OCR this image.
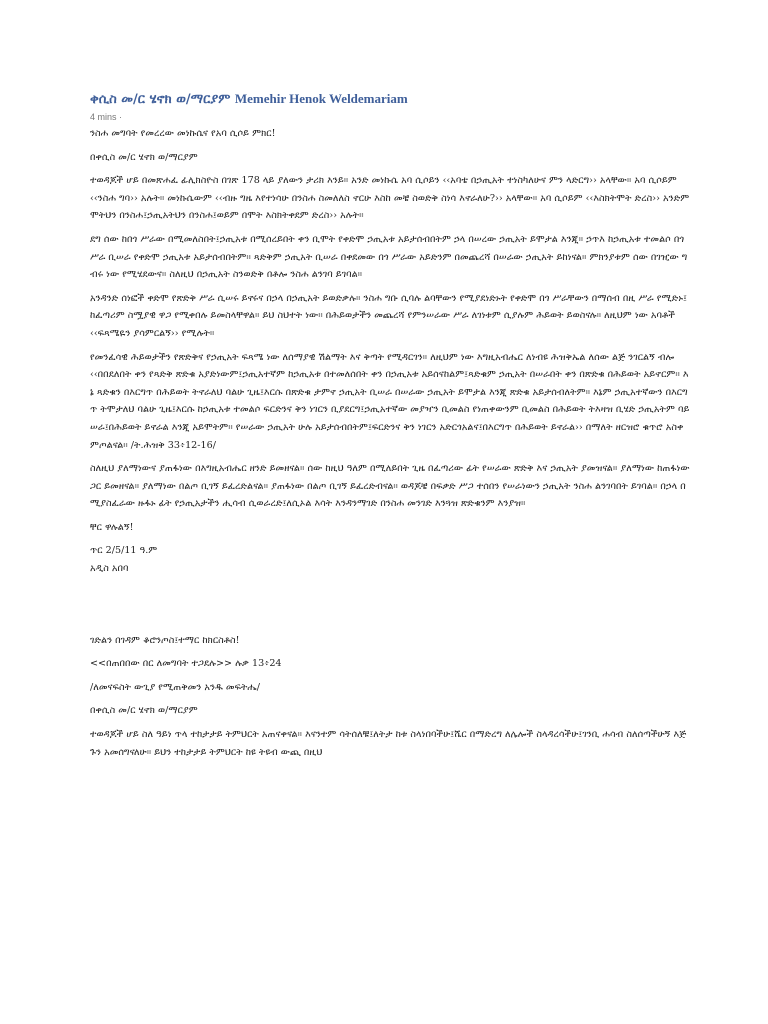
ቀሲስ መ/ር ሄኖክ ወ/ማርያም Memehir Henok Weldemariam
4 mins ·
ንስሐ መግባት የመረረው መነኩሴና የአባ ሲሶይ ምክር!
በቀሲስ መ/ር ሄኖክ ወ/ማርያም
ተወዳጆች ሆይ በመጽሐፈ ፊሊክስዮስ በገጽ 178 ላይ ያለውን ታሪክ እንይ። አንድ መነኩሴ አባ ሲሶይን ‹‹አባቴ በኃጢአት ተነስካለሁና ምን ላድርግ›› አላቸው። አባ ሲሶይም ‹‹ንስሐ ግባ›› አሉት። መነኩሴውም ‹‹ብዙ ግዜ እየተነሳሁ በንስሐ ስመለለስ ኖርሁ እስከ መቼ ስወድቅ ስነሳ እኖራለሁ?›› አላቸው። አባ ሲሶይም ‹‹እስክትሞት ድረስ›› አንድም ሞትህን በንስሐ፤ኃጢአትህን በንስሐ፤ወይም በሞት እስክትቀደም ድረስ›› አሉት።
ደግ ሰው ከበጎ ሥራው በሚመለስበት፤ኃጢአቱ በሚሰረይበት ቀን ቢሞት የቀድሞ ኃጢአቱ አይታሰብበትም ኃላ በሠረው ኃጢአት ይሞታል እንጂ። ኃጥእ ከኃጢአቱ ተመልሶ በጎ ሥራ ቢሠራ የቀድሞ ኃጢአቱ አይታሰብበትም። ጻድቅም ኃጢአት ቢሠራ በቀደመው በጎ ሥራው አይድንም በመጨረሻ በሠራው ኃጢአት ይከነናል። ምክንያቱም ሰው በገዢው ግብሩ ነው የሚሄደውና። ስለዚህ በኃጢአት ስንወድቅ በቶሎ ንስሐ ልንገባ ይገባል።
አንዳንድ ሰነፎች ቀድሞ የጽድቅ ሥራ ሲሠሩ ይኖሩና በኃላ በኃጢአት ይወድቃሉ። ንስሐ ግቡ ሲባሉ ልባቸውን የሚያደነድኑት የቀድሞ በጎ ሥራቸውን በማሰብ በዚ ሥራ የሚድኑ፤ከፈጣሪም ስሟያዊ ዋጋ የሚቀበሉ ይመስላቸዋል። ይህ ስህተት ነው። በሕይወታችን መጨረሻ የምንሠራው ሥራ ለገነቱም ሲያሉም ሕይወት ይወስናሉ። ለዚህም ነው አባቶች ‹‹ፍጻሜዬን ያሳምርልኝ›› የሚሉት።
የመንፈሳዊ ሕይወታችን የጽድቅና የኃጢአት ፍጻሜ ነው ለሰማያዊ ሽልማት እና ቅጣት የሚዳርገን። ለዚህም ነው እግዚአብሔር ለነብዩ ሕዝቅኤል ለሰው ልጅ ንገርልኝ ብሎ ‹‹በበደለበት ቀን የጻድቅ ጽድቁ አያድነውም፤ኃጢአተኛም ከኃጢአቱ በተመለሰበት ቀን በኃጢአቱ አይሰናከልም፤ጻድቁም ኃጢአት በሠራበት ቀን በጽድቁ በሕይወት አይኖርም። እኔ ጻድቁን በእርግጥ በሕይወት ትኖራለህ ባልሁ ጊዜ፤እርሱ በጽድቁ ታምኖ ኃጢአት ቢሠራ በሠራው ኃጢአት ይሞታል እንጂ ጽድቁ አይታሰብለትም። እኔም ኃጢአተኛውን በእርግጥ ትሞታለህ ባልሁ ጊዜ፤እርሱ ከኃጢአቱ ተመልሶ ፍርድንና ቅን ነገርን ቢያደርግ፤ኃጢአተኛው መያዣን ቢመልስ የነጠቀውንም ቢመልስ በሕይወት ትእዛዝ ቢሄድ ኃጢአትም ባይሠራ፤በሕይወት ይኖራል እንጂ አይሞትም። የሠራው ኃጢአት ሁሉ አይታሰብበትም፤ፍርድንና ቅን ነገርን አድርጎአልና፤በእርግጥ በሕይወት ይኖራል›› በማለት ዘርዝሮ ቁጥሮ አስቀምጦልናል። /ት.ሕዝቅ 33፥12-16/
ስለዚህ ያለማነውና ያጠፋነው በእግዚአብሔር ዘንድ ይመዘናል። ሰው ከዚህ ዓለም በሚለይበት ጊዜ በፈጣሪው ፊት የሠራው ጽድቅ እና ኃጢአት ያመዝናል። ያለማነው ከጠፋነው ጋር ይመዘናል። ያለማነው በልጦ ቢገኝ ይፈረድልናል። ያጠፋነው በልጦ ቢገኝ ይፈረድብናል። ወዳጆቼ በፍቃድ ሥጋ ተሰበን የሠራነውን ኃጢአት ንስሐ ልንገባበት ይገባል። በኃላ በሚያስፈራው ዙፋኑ ፊት የኃጢአታችን ሒሳብ ሲወራረድ፤ለሲኦል እሳት እንዳንማገድ በንስሐ መንገድ እንጓዝ ጽድቁንም እንያዝ።
ቸር ዋሉልኝ!
ጥር 2/5/11 ዓ.ም
አዲስ አበባ
ገድልን በገዳም ቆሮንጦስ፤ተማር ከክርስቶስ!
<<በጠበበው በር ለመግባት ተጋደሉ>> ሉቃ 13፥24
/ለመናፍስት ውጊያ የሚጠቅመን አንዱ መፍትሔ/
በቀሲስ መ/ር ሄኖክ ወ/ማርያም
ተወዳጆች ሆይ ስለ ዓይነ ጥላ ተከታታይ ትምህርት አጠናቀናል። እናንተም ሳትሰለቹ፤ለትታ ከቱ ስላነበባችሁ፤ሼር በማድረግ ለሌሎች ስላዳረሳችሁ፤ገንቢ ሐሳብ ስለሰጣችሁኝ እጅጉን አመሰግናለሁ። ይህን ተከታታይ ትምህርት ከዩ ትዩብ ውጪ በዚህ
